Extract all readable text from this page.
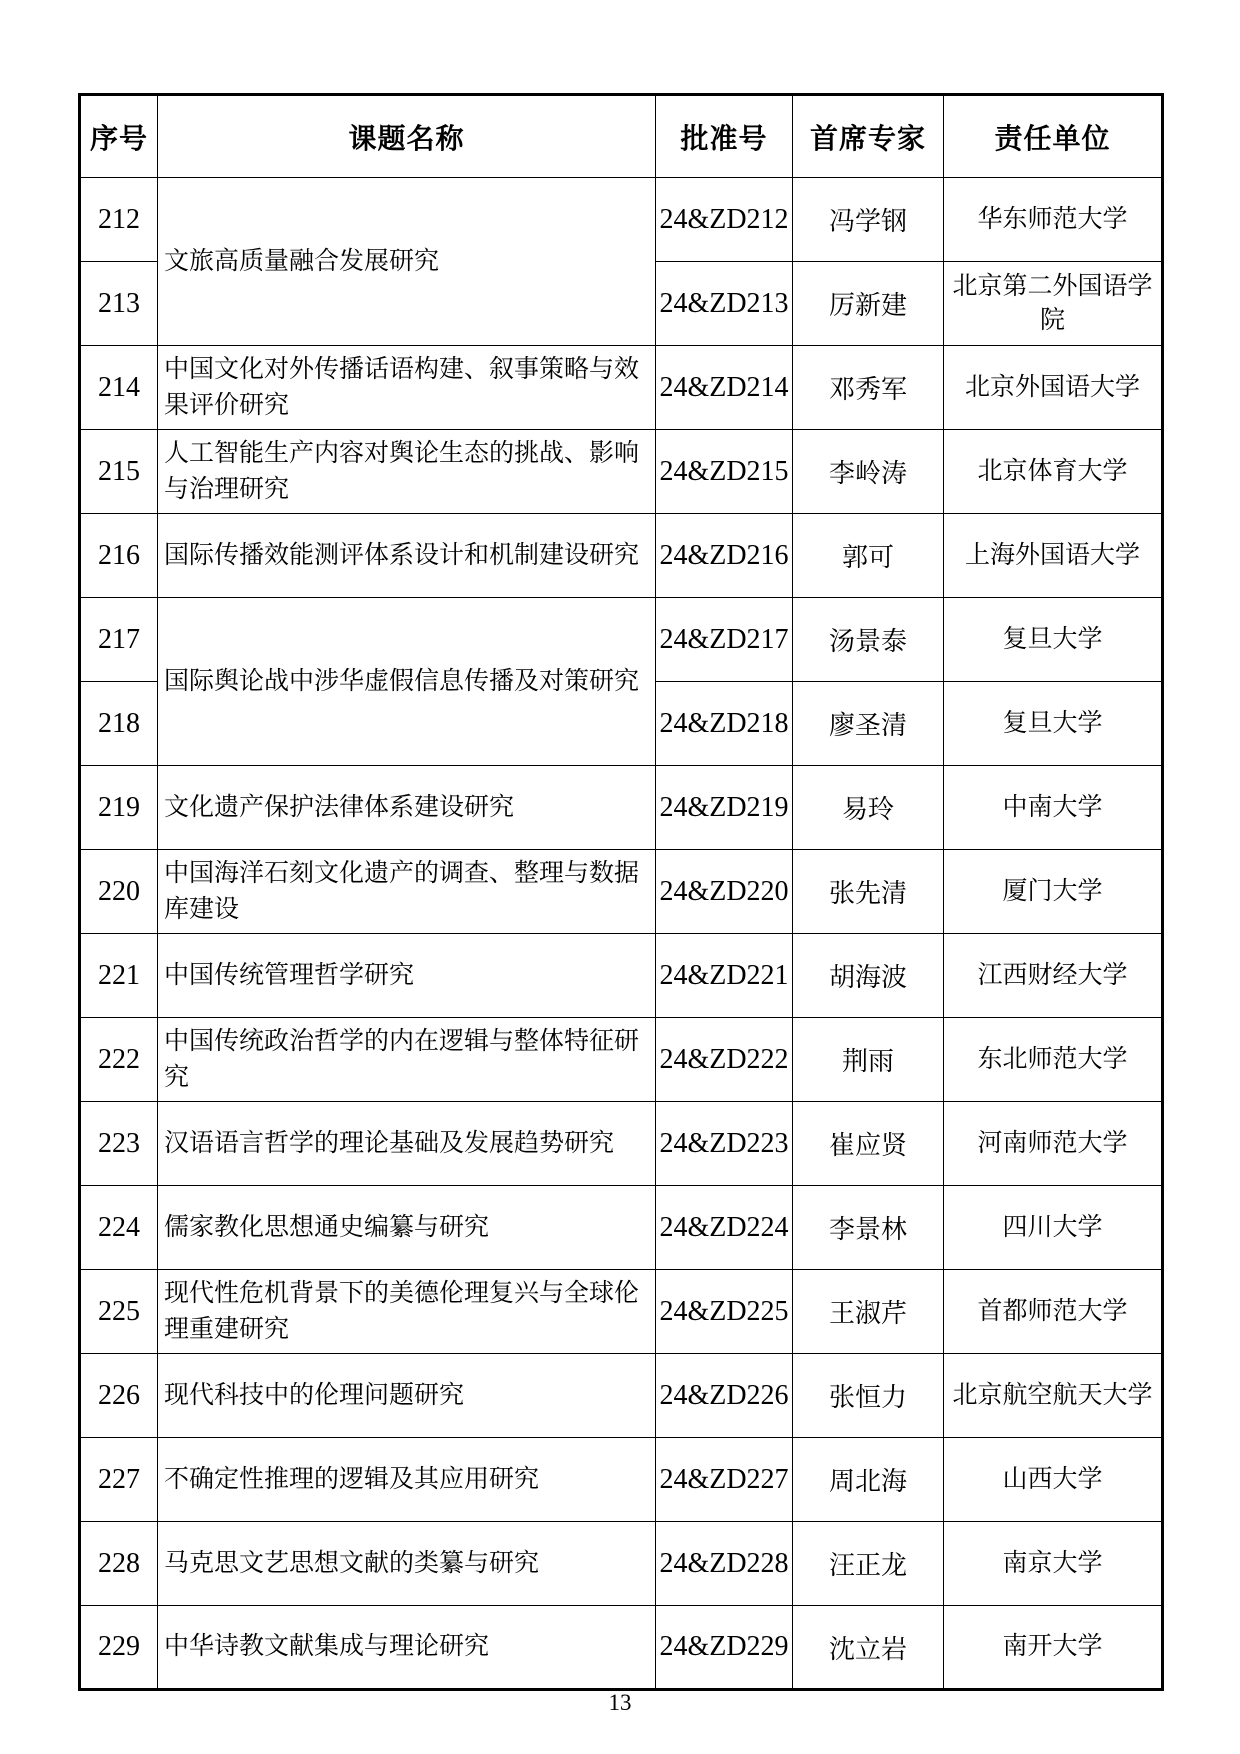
序号	课题名称	批准号	首席专家	责任单位
212	文旅高质量融合发展研究	24&ZD212	冯学钢	华东师范大学
213		24&ZD213	厉新建	北京第二外国语学院
214	中国文化对外传播话语构建、叙事策略与效果评价研究	24&ZD214	邓秀军	北京外国语大学
215	人工智能生产内容对舆论生态的挑战、影响与治理研究	24&ZD215	李岭涛	北京体育大学
216	国际传播效能测评体系设计和机制建设研究	24&ZD216	郭可	上海外国语大学
217	国际舆论战中涉华虚假信息传播及对策研究	24&ZD217	汤景泰	复旦大学
218		24&ZD218	廖圣清	复旦大学
219	文化遗产保护法律体系建设研究	24&ZD219	易玲	中南大学
220	中国海洋石刻文化遗产的调查、整理与数据库建设	24&ZD220	张先清	厦门大学
221	中国传统管理哲学研究	24&ZD221	胡海波	江西财经大学
222	中国传统政治哲学的内在逻辑与整体特征研究	24&ZD222	荆雨	东北师范大学
223	汉语语言哲学的理论基础及发展趋势研究	24&ZD223	崔应贤	河南师范大学
224	儒家教化思想通史编纂与研究	24&ZD224	李景林	四川大学
225	现代性危机背景下的美德伦理复兴与全球伦理重建研究	24&ZD225	王淑芹	首都师范大学
226	现代科技中的伦理问题研究	24&ZD226	张恒力	北京航空航天大学
227	不确定性推理的逻辑及其应用研究	24&ZD227	周北海	山西大学
228	马克思文艺思想文献的类纂与研究	24&ZD228	汪正龙	南京大学
229	中华诗教文献集成与理论研究	24&ZD229	沈立岩	南开大学
13
